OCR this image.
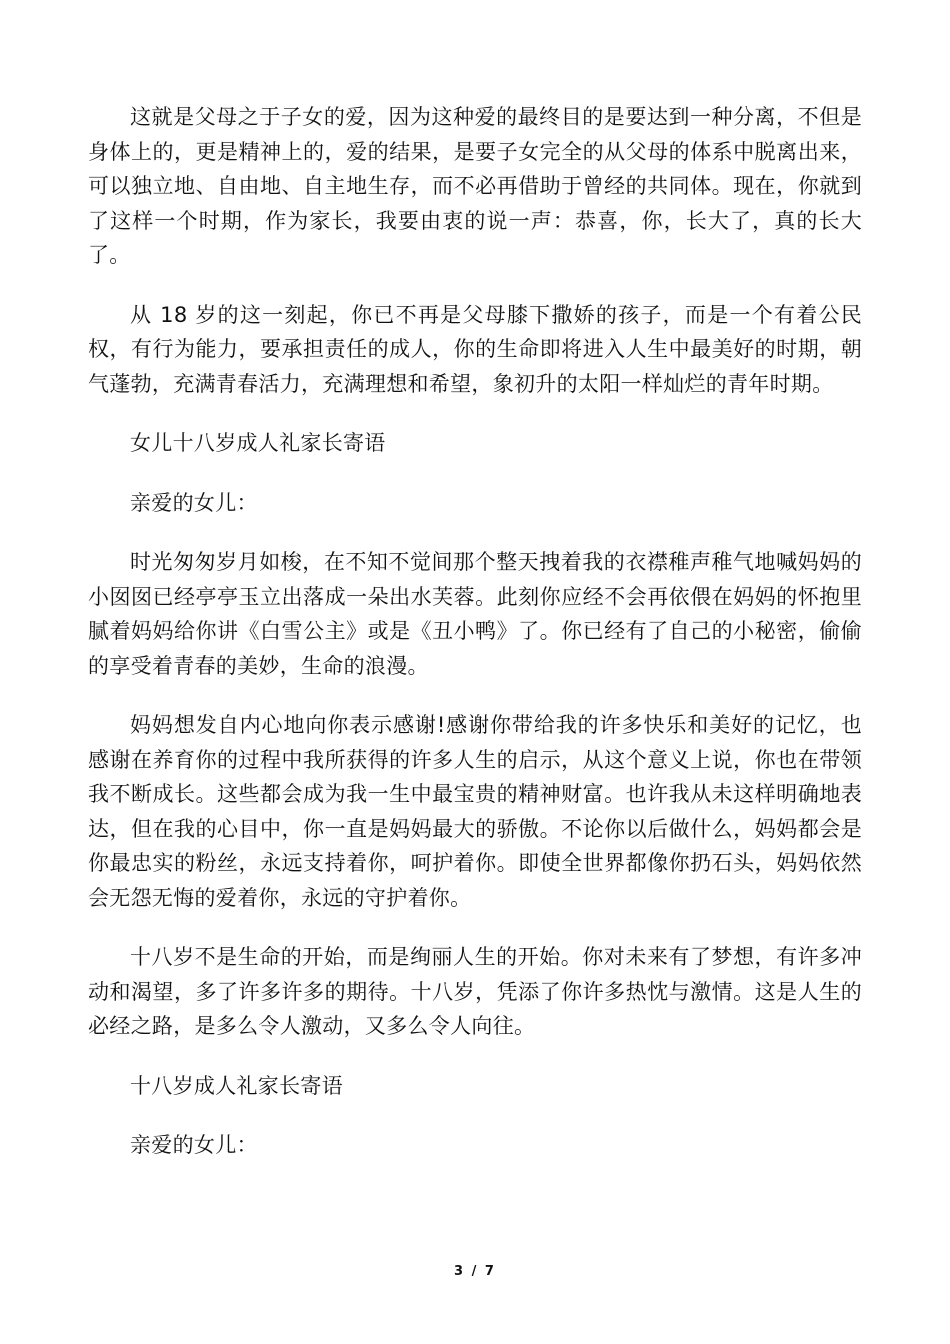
这就是父母之于子女的爱，因为这种爱的最终目的是要达到一种分离，不但是身体上的，更是精神上的，爱的结果，是要子女完全的从父母的体系中脱离出来，可以独立地、自由地、自主地生存，而不必再借助于曾经的共同体。现在，你就到了这样一个时期，作为家长，我要由衷的说一声：恭喜，你，长大了，真的长大了。

从 18 岁的这一刻起，你已不再是父母膝下撒娇的孩子，而是一个有着公民权，有行为能力，要承担责任的成人，你的生命即将进入人生中最美好的时期，朝气蓬勃，充满青春活力，充满理想和希望，象初升的太阳一样灿烂的青年时期。

女儿十八岁成人礼家长寄语

亲爱的女儿：

时光匆匆岁月如梭，在不知不觉间那个整天拽着我的衣襟稚声稚气地喊妈妈的小囡囡已经亭亭玉立出落成一朵出水芙蓉。此刻你应经不会再依偎在妈妈的怀抱里腻着妈妈给你讲《白雪公主》或是《丑小鸭》了。你已经有了自己的小秘密，偷偷的享受着青春的美妙，生命的浪漫。

妈妈想发自内心地向你表示感谢!感谢你带给我的许多快乐和美好的记忆，也感谢在养育你的过程中我所获得的许多人生的启示，从这个意义上说，你也在带领我不断成长。这些都会成为我一生中最宝贵的精神财富。也许我从未这样明确地表达，但在我的心目中，你一直是妈妈最大的骄傲。不论你以后做什么，妈妈都会是你最忠实的粉丝，永远支持着你，呵护着你。即使全世界都像你扔石头，妈妈依然会无怨无悔的爱着你，永远的守护着你。

十八岁不是生命的开始，而是绚丽人生的开始。你对未来有了梦想，有许多冲动和渴望，多了许多许多的期待。十八岁，凭添了你许多热忱与激情。这是人生的必经之路，是多么令人激动，又多么令人向往。

十八岁成人礼家长寄语

亲爱的女儿：

3 / 7
